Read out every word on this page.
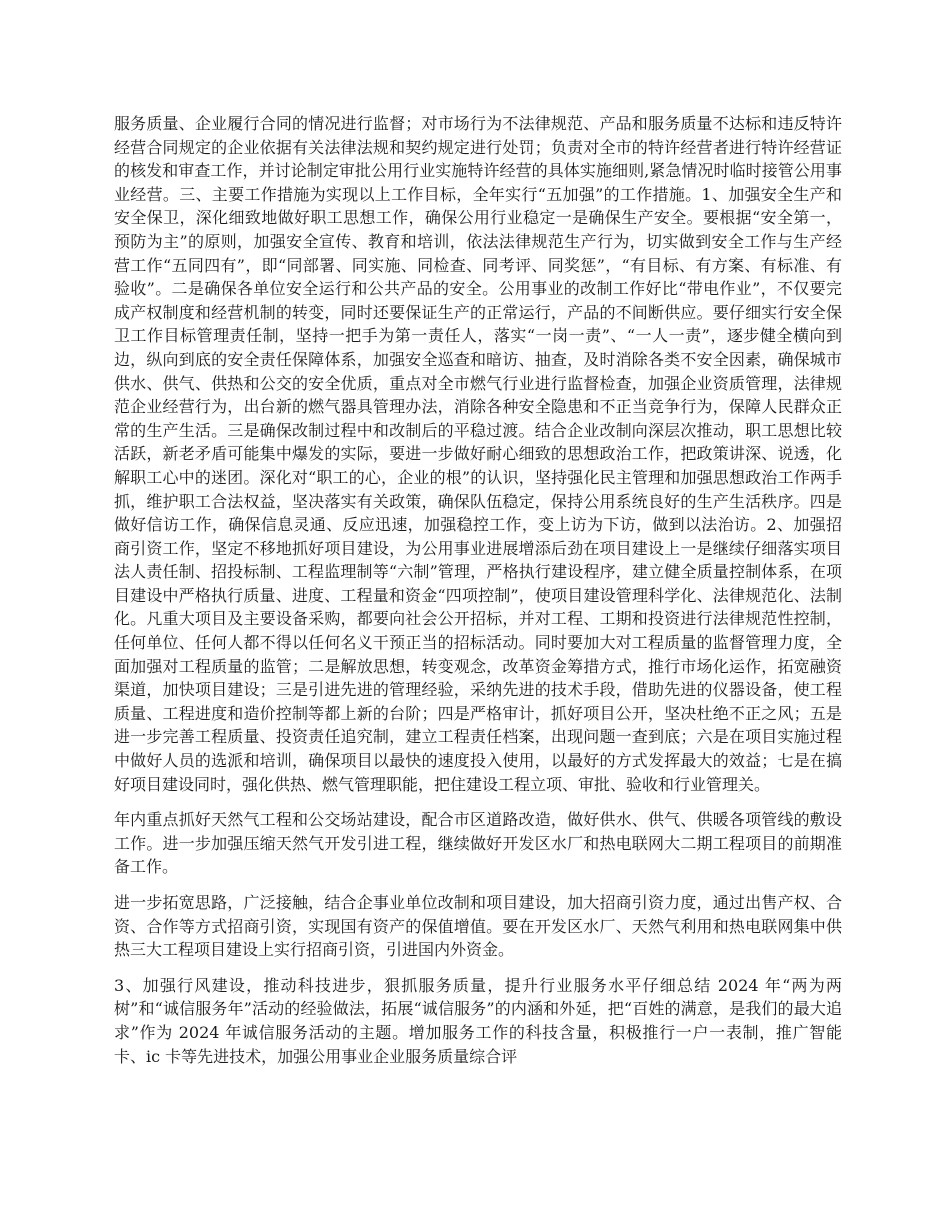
服务质量、企业履行合同的情况进行监督；对市场行为不法律规范、产品和服务质量不达标和违反特许经营合同规定的企业依据有关法律法规和契约规定进行处罚；负责对全市的特许经营者进行特许经营证的核发和审查工作，并讨论制定审批公用行业实施特许经营的具体实施细则,紧急情况时临时接管公用事业经营。三、主要工作措施为实现以上工作目标，全年实行“五加强”的工作措施。1、加强安全生产和安全保卫，深化细致地做好职工思想工作，确保公用行业稳定一是确保生产安全。要根据“安全第一，预防为主”的原则，加强安全宣传、教育和培训，依法法律规范生产行为，切实做到安全工作与生产经营工作“五同四有”，即“同部署、同实施、同检查、同考评、同奖惩”，“有目标、有方案、有标准、有验收”。二是确保各单位安全运行和公共产品的安全。公用事业的改制工作好比“带电作业”，不仅要完成产权制度和经营机制的转变，同时还要保证生产的正常运行，产品的不间断供应。要仔细实行安全保卫工作目标管理责任制，坚持一把手为第一责任人，落实“一岗一责”、“一人一责”，逐步健全横向到边，纵向到底的安全责任保障体系，加强安全巡查和暗访、抽查，及时消除各类不安全因素，确保城市供水、供气、供热和公交的安全优质，重点对全市燃气行业进行监督检查，加强企业资质管理，法律规范企业经营行为，出台新的燃气器具管理办法，消除各种安全隐患和不正当竞争行为，保障人民群众正常的生产生活。三是确保改制过程中和改制后的平稳过渡。结合企业改制向深层次推动，职工思想比较活跃，新老矛盾可能集中爆发的实际，要进一步做好耐心细致的思想政治工作，把政策讲深、说透，化解职工心中的迷团。深化对“职工的心，企业的根”的认识，坚持强化民主管理和加强思想政治工作两手抓，维护职工合法权益，坚决落实有关政策，确保队伍稳定，保持公用系统良好的生产生活秩序。四是做好信访工作，确保信息灵通、反应迅速，加强稳控工作，变上访为下访，做到以法治访。2、加强招商引资工作，坚定不移地抓好项目建设，为公用事业进展增添后劲在项目建设上一是继续仔细落实项目法人责任制、招投标制、工程监理制等“六制”管理，严格执行建设程序，建立健全质量控制体系，在项目建设中严格执行质量、进度、工程量和资金“四项控制”，使项目建设管理科学化、法律规范化、法制化。凡重大项目及主要设备采购，都要向社会公开招标，并对工程、工期和投资进行法律规范性控制，任何单位、任何人都不得以任何名义干预正当的招标活动。同时要加大对工程质量的监督管理力度，全面加强对工程质量的监管；二是解放思想，转变观念，改革资金筹措方式，推行市场化运作，拓宽融资渠道，加快项目建设；三是引进先进的管理经验，采纳先进的技术手段，借助先进的仪器设备，使工程质量、工程进度和造价控制等都上新的台阶；四是严格审计，抓好项目公开，坚决杜绝不正之风；五是进一步完善工程质量、投资责任追究制，建立工程责任档案，出现问题一查到底；六是在项目实施过程中做好人员的选派和培训，确保项目以最快的速度投入使用，以最好的方式发挥最大的效益；七是在搞好项目建设同时，强化供热、燃气管理职能，把住建设工程立项、审批、验收和行业管理关。

年内重点抓好天然气工程和公交场站建设，配合市区道路改造，做好供水、供气、供暖各项管线的敷设工作。进一步加强压缩天然气开发引进工程，继续做好开发区水厂和热电联网大二期工程项目的前期准备工作。

进一步拓宽思路，广泛接触，结合企事业单位改制和项目建设，加大招商引资力度，通过出售产权、合资、合作等方式招商引资，实现国有资产的保值增值。要在开发区水厂、天然气利用和热电联网集中供热三大工程项目建设上实行招商引资，引进国内外资金。

3、加强行风建设，推动科技进步，狠抓服务质量，提升行业服务水平仔细总结 2024 年“两为两树”和“诚信服务年”活动的经验做法，拓展“诚信服务”的内涵和外延，把“百姓的满意，是我们的最大追求”作为 2024 年诚信服务活动的主题。增加服务工作的科技含量，积极推行一户一表制，推广智能卡、ic 卡等先进技术，加强公用事业企业服务质量综合评
